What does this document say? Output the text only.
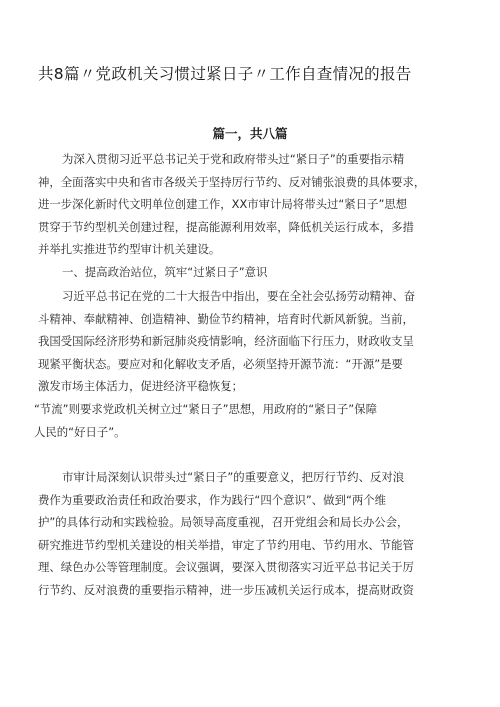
共8篇〃党政机关习惯过紧日子〃工作自查情况的报告
篇一，共八篇
为深入贯彻习近平总书记关于党和政府带头过“紧日子”的重要指示精
神，全面落实中央和省市各级关于坚持厉行节约、反对铺张浪费的具体要求，
进一步深化新时代文明单位创建工作，XX市审计局将带头过“紧日子”思想
贯穿于节约型机关创建过程，提高能源利用效率，降低机关运行成本，多措
并举扎实推进节约型审计机关建设。
一、提高政治站位，筑牢“过紧日子”意识
习近平总书记在党的二十大报告中指出，要在全社会弘扬劳动精神、奋
斗精神、奉献精神、创造精神、勤俭节约精神，培育时代新风新貌。当前，
我国受国际经济形势和新冠肺炎疫情影响，经济面临下行压力，财政收支呈
现紧平衡状态。要应对和化解收支矛盾，必须坚持开源节流：“开源”是要
激发市场主体活力，促进经济平稳恢复；
“节流”则要求党政机关树立过“紧日子”思想，用政府的“紧日子”保障
人民的“好日子”。
市审计局深刻认识带头过“紧日子”的重要意义，把厉行节约、反对浪
费作为重要政治责任和政治要求，作为践行“四个意识”、做到“两个维
护”的具体行动和实践检验。局领导高度重视，召开党组会和局长办公会，
研究推进节约型机关建设的相关举措，审定了节约用电、节约用水、节能管
理、绿色办公等管理制度。会议强调，要深入贯彻落实习近平总书记关于厉
行节约、反对浪费的重要指示精神，进一步压减机关运行成本，提高财政资
